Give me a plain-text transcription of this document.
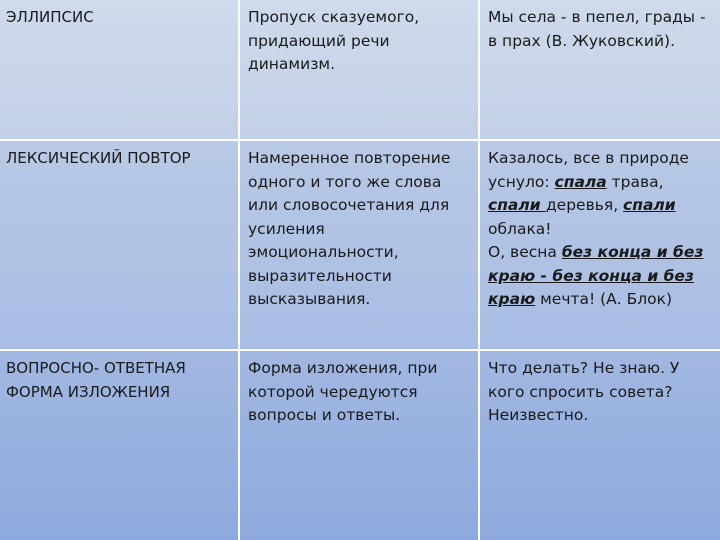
ЭЛЛИПСИС	Пропуск сказуемого,
придающий речи
динамизм.
Мы села - в пепел, грады -
в прах (В. Жуковский).
ЛЕКСИЧЕСКИЙ ПОВТОР	Намеренное повторение
одного и того же слова
или словосочетания для
усиления
эмоциональности,
выразительности
высказывания.
Казалось, все в природе
уснуло: спала трава,
спали деревья, спали
облака!
О, весна без конца и без
краю - без конца и без
краю мечта! (А. Блок)
ВОПРОСНО- ОТВЕТНАЯ
ФОРМА ИЗЛОЖЕНИЯ
Форма изложения, при
которой чередуются
вопросы и ответы.
Что делать? Не знаю. У
кого спросить совета?
Неизвестно.
